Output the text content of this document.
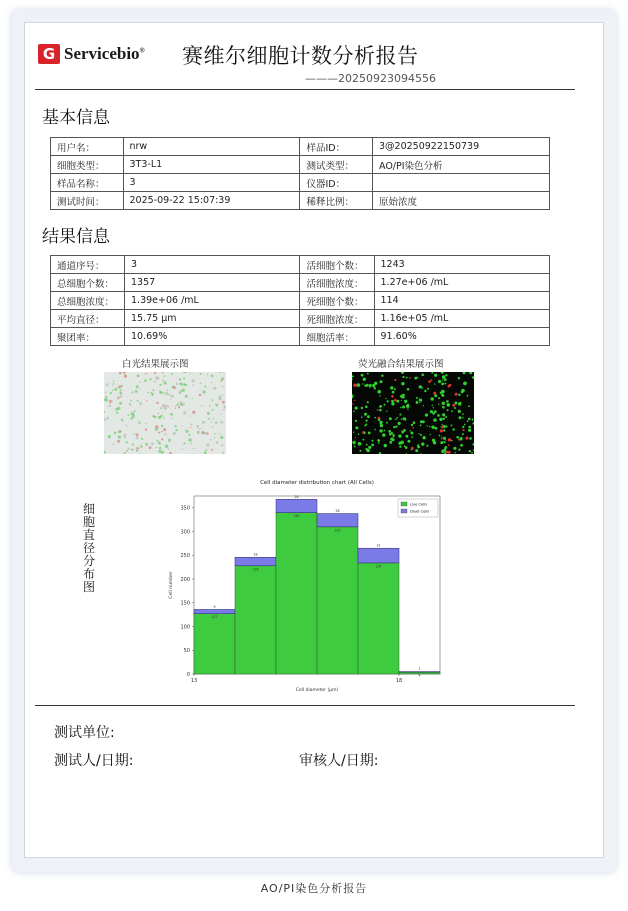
G Servicebio® 赛维尔细胞计数分析报告
———20250923094556
基本信息
用户名：	nrw	样品ID：	3@20250922150739
细胞类型：	3T3-L1	测试类型：	AO/PI染色分析
样品名称：	3	仪器ID：	
测试时间：	2025-09-22 15:07:39	稀释比例：	原始浓度
结果信息
通道序号：	3	活细胞个数：	1243
总细胞个数：	1357	活细胞浓度：	1.27e+06 /mL
总细胞浓度：	1.39e+06 /mL	死细胞个数：	114
平均直径：	15.75 μm	死细胞浓度：	1.16e+05 /mL
聚团率：	10.69%	细胞活率：	91.60%
白光结果展示图	荧光融合结果展示图
细胞直径分布图
Cell diameter distribution chart (All Cells)
9
127
18
228
28
340
28
310
31
234
1
4
0
50
100
150
200
250
300
350
13	18
Cell diameter (μm)
Cell number
Live Cells
Dead Cells
测试单位:
测试人/日期:	审核人/日期:
AO/PI染色分析报告
